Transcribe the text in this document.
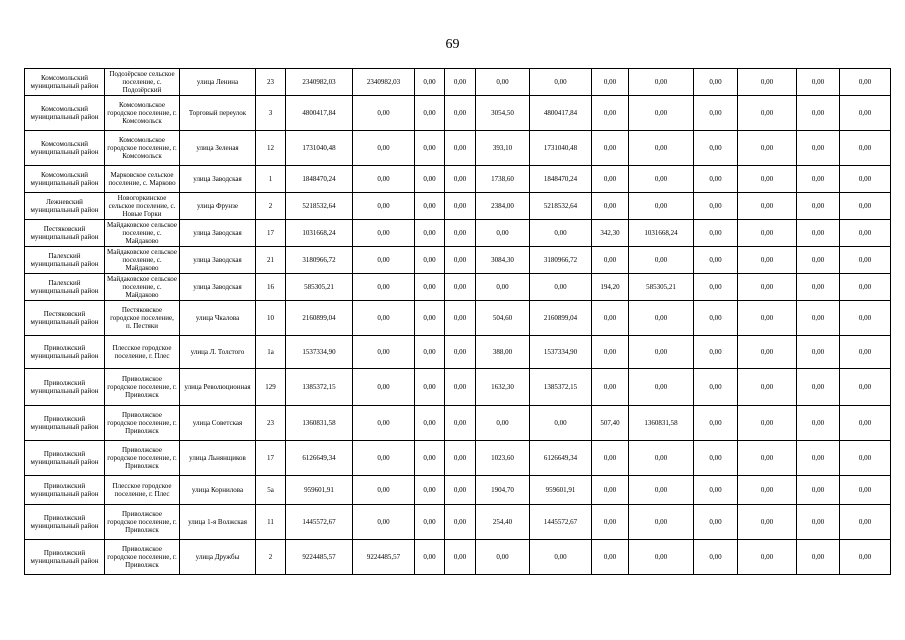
69
Комсомольский муниципальный район	Подозёрское сельское поселение, с. Подозёрский	улица Ленина	23	2340982,03	2340982,03	0,00	0,00	0,00	0,00	0,00	0,00	0,00	0,00	0,00	0,00
Комсомольский муниципальный район	Комсомольское городское поселение, г. Комсомольск	Торговый переулок	3	4800417,84	0,00	0,00	0,00	3054,50	4800417,84	0,00	0,00	0,00	0,00	0,00	0,00
Комсомольский муниципальный район	Комсомольское городское поселение, г. Комсомольск	улица Зеленая	12	1731040,48	0,00	0,00	0,00	393,10	1731040,48	0,00	0,00	0,00	0,00	0,00	0,00
Комсомольский муниципальный район	Марковское сельское поселение, с. Марково	улица Заводская	1	1848470,24	0,00	0,00	0,00	1738,60	1848470,24	0,00	0,00	0,00	0,00	0,00	0,00
Лежневский муниципальный район	Новогоркинское сельское поселение, с. Новые Горки	улица Фрунзе	2	5218532,64	0,00	0,00	0,00	2384,00	5218532,64	0,00	0,00	0,00	0,00	0,00	0,00
Пестяковский муниципальный район	Майдаковское сельское поселение, с. Майдаково	улица Заводская	17	1031668,24	0,00	0,00	0,00	0,00	0,00	342,30	1031668,24	0,00	0,00	0,00	0,00
Палехский муниципальный район	Майдаковское сельское поселение, с. Майдаково	улица Заводская	21	3180966,72	0,00	0,00	0,00	3084,30	3180966,72	0,00	0,00	0,00	0,00	0,00	0,00
Палехский муниципальный район	Майдаковское сельское поселение, с. Майдаково	улица Заводская	16	585305,21	0,00	0,00	0,00	0,00	0,00	194,20	585305,21	0,00	0,00	0,00	0,00
Пестяковский муниципальный район	Пестяковское городское поселение, п. Пестяки	улица Чкалова	10	2160899,04	0,00	0,00	0,00	504,60	2160899,04	0,00	0,00	0,00	0,00	0,00	0,00
Приволжский муниципальный район	Плесское городское поселение, г. Плес	улица Л. Толстого	1а	1537334,90	0,00	0,00	0,00	388,00	1537334,90	0,00	0,00	0,00	0,00	0,00	0,00
Приволжский муниципальный район	Приволжское городское поселение, г. Приволжск	улица Революционная	129	1385372,15	0,00	0,00	0,00	1632,30	1385372,15	0,00	0,00	0,00	0,00	0,00	0,00
Приволжский муниципальный район	Приволжское городское поселение, г. Приволжск	улица Советская	23	1360831,58	0,00	0,00	0,00	0,00	0,00	507,40	1360831,58	0,00	0,00	0,00	0,00
Приволжский муниципальный район	Приволжское городское поселение, г. Приволжск	улица Льнянщиков	17	6126649,34	0,00	0,00	0,00	1023,60	6126649,34	0,00	0,00	0,00	0,00	0,00	0,00
Приволжский муниципальный район	Плесское городское поселение, г. Плес	улица Корнилова	5а	959601,91	0,00	0,00	0,00	1904,70	959601,91	0,00	0,00	0,00	0,00	0,00	0,00
Приволжский муниципальный район	Приволжское городское поселение, г. Приволжск	улица 1-я Волжская	11	1445572,67	0,00	0,00	0,00	254,40	1445572,67	0,00	0,00	0,00	0,00	0,00	0,00
Приволжский муниципальный район	Приволжское городское поселение, г. Приволжск	улица Дружбы	2	9224485,57	9224485,57	0,00	0,00	0,00	0,00	0,00	0,00	0,00	0,00	0,00	0,00
